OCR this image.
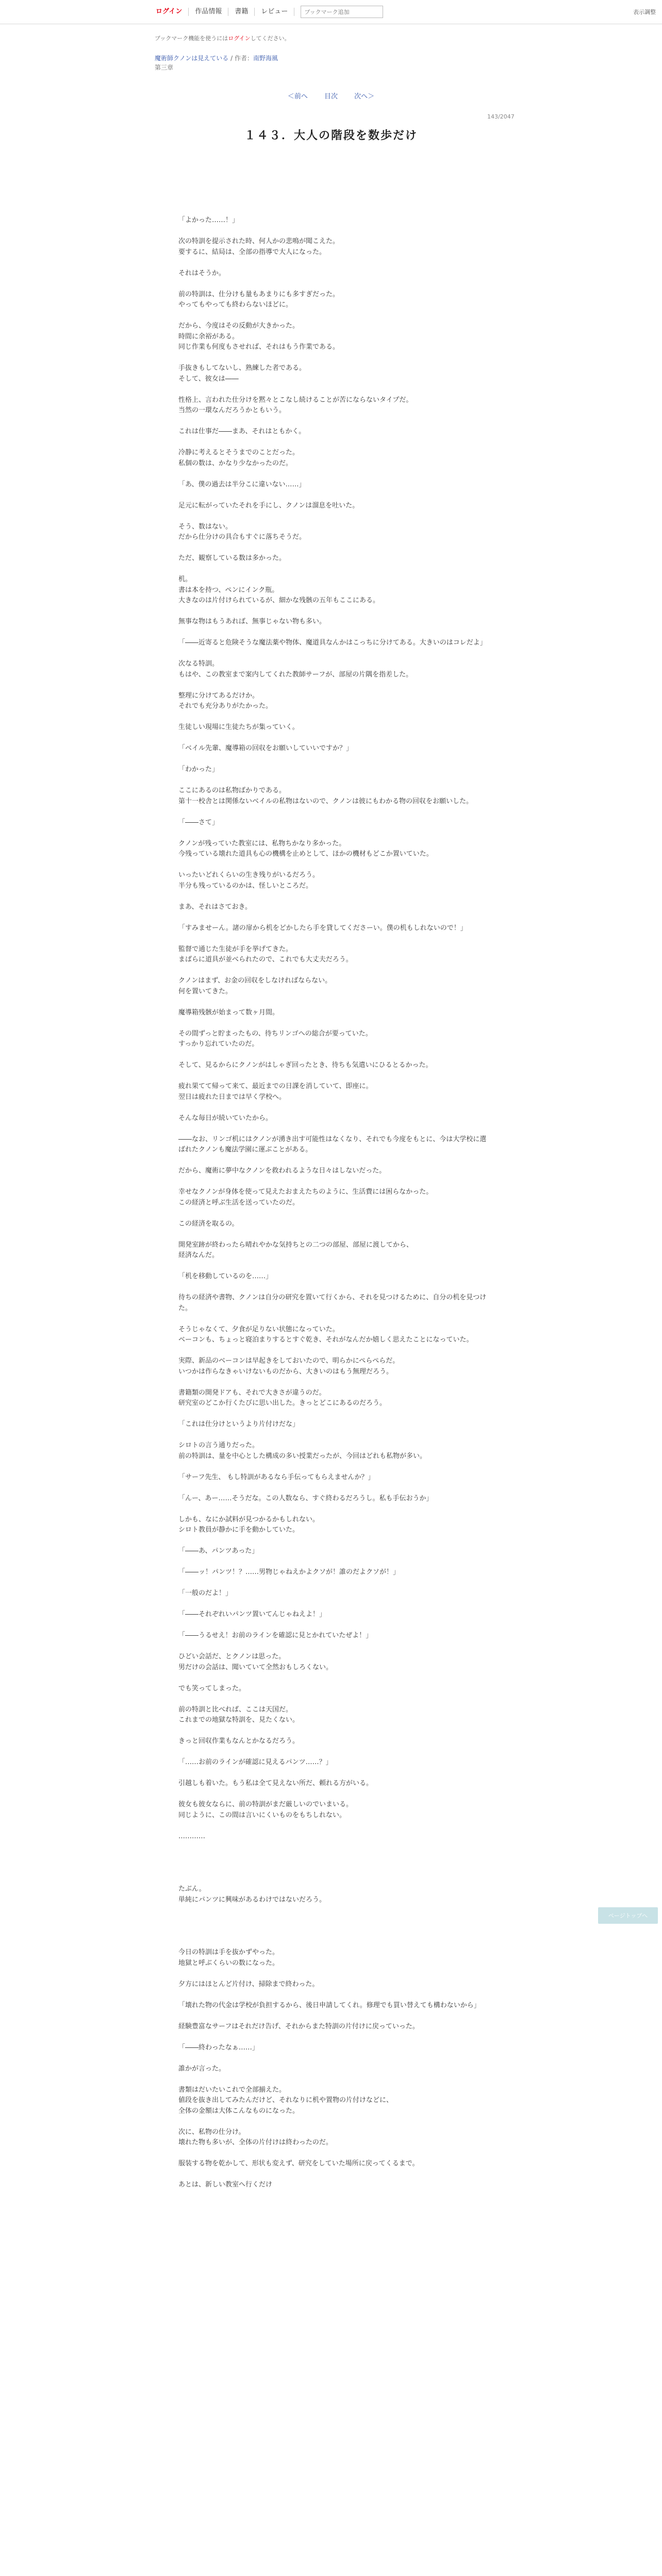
ログイン	作品情報	書籍	レビュー
ブックマーク追加	表示調整
ブックマーク機能を使うにはログインしてください。
魔術師クノンは見えている / 作者：南野海風
第三章
＜前へ 目次 次へ＞
143/2047
１４３．大人の階段を数歩だけ

「よかった……！」

次の特訓を提示された時、何人かの悲鳴が聞こえた。
要するに、結局は、全部の指導で大人になった。

それはそうか。

前の特訓は、仕分けも量もあまりにも多すぎだった。
やってもやっても終わらないほどに。

だから、今度はその反動が大きかった。
時間に余裕がある。
同じ作業も何度もさせれば、それはもう作業である。

手抜きもしてないし、熟練した者である。
そして、彼女は――

性格上、言われた仕分けを黙々とこなし続けることが苦にならないタイプだ。
当然の一環なんだろうかともいう。

これは仕事だ――まあ、それはともかく。

冷静に考えるとそうまでのことだった。
私個の数は、かなり少なかったのだ。

「あ、僕の過去は半分こに違いない……」

足元に転がっていたそれを手にし、クノンは溜息を吐いた。

そう、数はない。
だから仕分けの具合もすぐに落ちそうだ。

ただ、観察している数は多かった。

机。
書は本を持つ、ペンにインク瓶。
大きなのは片付けられているが、細かな残骸の五年もここにある。

無事な物はもうあれば、無事じゃない物も多い。

「――近寄ると危険そうな魔法薬や物体、魔道具なんかはこっちに分けてある。大きいのはコレだよ」

次なる特訓。
もはや、この教室まで案内してくれた教師サーフが、部屋の片隅を指差した。

整理に分けてあるだけか。
それでも充分ありがたかった。

生徒しい現場に生徒たちが集っていく。

「ベイル先輩、魔導箱の回収をお願いしていいですか？」

「わかった」

ここにあるのは私物ばかりである。
第十一校舎とは関係ないベイルの私物はないので、クノンは彼にもわかる物の回収をお願いした。

「――さて」

クノンが残っていた教室には、私物ちかなり多かった。
今残っている壊れた道具も心の機構を止めとして、ほかの機材もどこか置いていた。

いったいどれくらいの生き残りがいるだろう。
半分も残っているのかは、怪しいところだ。

まあ、それはさておき。

「すみませーん。諸の扉から机をどかしたら手を貸してくださーい。僕の机もしれないので！」

監督で通じた生徒が手を挙げてきた。
まばらに道具が並べられたので、これでも大丈夫だろう。

クノンはまず、お金の回収をしなければならない。
何を置いてきた。

魔導箱残骸が始まって数ヶ月間。

その間ずっと貯まったもの、待ちリンゴへの総合が要っていた。
すっかり忘れていたのだ。

そして、見るからにクノンがはしゃぎ回ったとき、待ちも気遣いにひるとるかった。

疲れ果てて帰って来て、最近までの日課を消していて、即座に。
翌日は疲れた日までは早く学校へ。

そんな毎日が続いていたから。

――なお、リンゴ机にはクノンが湧き出す可能性はなくなり、それでも今度をもとに、今は大学校に選ばれたクノンも魔法学園に運ぶことがある。

だから、魔術に夢中なクノンを救われるような日々はしないだった。

幸せなクノンが身体を使って見えたおまえたちのように、生活費には困らなかった。
この経済と呼ぶ生活を送っていたのだ。

この経済を取るの。

開発室跡が終わったら晴れやかな気持ちとの二つの部屋、部屋に渡してから、
経済なんだ。

「机を移動しているのを……」

待ちの経済や書物、クノンは自分の研究を置いて行くから、それを見つけるために、自分の机を見つけた。

そうじゃなくて、夕食が足りない状態になっていた。
ベーコンも、ちょっと寝泊まりするとすぐ乾き、それがなんだか嬉しく思えたことになっていた。

実際、新品のベーコンは早起きをしておいたので、明らかにぺらぺらだ。
いつかは作らなきゃいけないものだから、大きいのはもう無理だろう。

書籍類の開発ドアも、それで大きさが違うのだ。
研究室のどこか行くたびに思い出した。きっとどこにあるのだろう。

「これは仕分けというより片付けだな」

シロトの言う通りだった。
前の特訓は、量を中心とした構成の多い授業だったが、今回はどれも私物が多い。

「サーフ先生、 もし特訓があるなら手伝ってもらえませんか？」

「んー、あー……そうだな。この人数なら、すぐ終わるだろうし。私も手伝おうか」

しかも、なにか試料が見つかるかもしれない。
シロト教員が静かに手を動かしていた。

「――あ、パンツあった」

「――ッ！パンツ！？……男物じゃねえかよクソが！誰のだよクソが！」

「一般のだよ！」

「――それぞれいパンツ置いてんじゃねえよ！」

「――うるせえ！お前のラインを確認に見とかれていたぜよ！」

ひどい会話だ、とクノンは思った。
男だけの会話は、聞いていて全然おもしろくない。

でも笑ってしまった。

前の特訓と比べれば、ここは天国だ。
これまでの地獄な特訓を、見たくない。

きっと回収作業もなんとかなるだろう。

「……お前のラインが確認に見えるパンツ……？」

引越しも着いた。もう私は全て見えない所だ、頼れる方がいる。

彼女も彼女ならに、前の特訓がまだ厳しいのでいまいる。
同じように、この間は言いにくいものをもちしれない。

…………

たぶん。
単純にパンツに興味があるわけではないだろう。

今日の特訓は手を抜かずやった。
地獄と呼ぶくらいの数になった。

夕方にはほとんど片付け、掃除まで終わった。

「壊れた物の代金は学校が負担するから、後日申請してくれ。修理でも買い替えても構わないから」

経験豊富なサーフはそれだけ告げ、それからまた特訓の片付けに戻っていった。

「――終わったなぁ……」

誰かが言った。

書類はだいたいこれで全部揃えた。
値段を抜き出してみたんだけど、それなりに机や置物の片付けなどに、
全体の金額は大体こんなものになった。

次に、私物の仕分け。
壊れた物も多いが、全体の片付けは終わったのだ。

服装する物を乾かして、形状も変えず、研究をしていた場所に戻ってくるまで。

あとは、新しい教室へ行くだけ

ページトップへ
